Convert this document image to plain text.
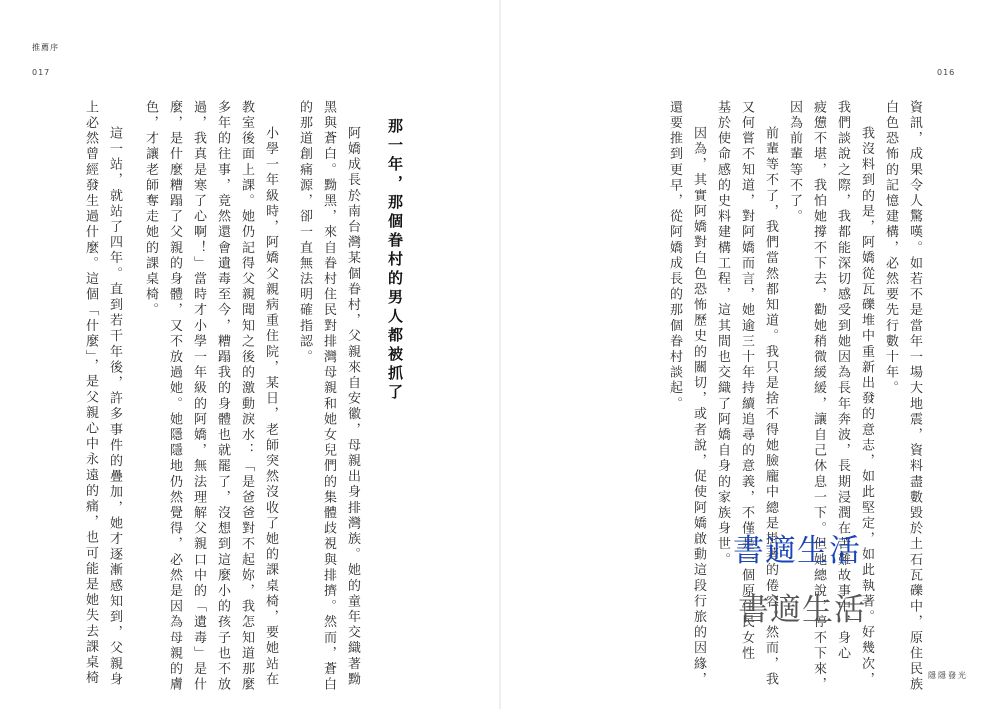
推薦序
017	016
資訊，成果令人驚嘆。如若不是當年一場大地震，資料盡數毀於土石瓦礫中，原住民族
白色恐怖的記憶建構，必然要先行數十年。
我沒料到的是，阿嬌從瓦礫堆中重新出發的意志，如此堅定，如此執著。好幾次，
我們談說之際，我都能深切感受到她因為長年奔波，長期浸潤在苦難故事中，身心
疲憊不堪，我怕她撐不下去，勸她稍微緩緩，讓自己休息一下。但她總說，停不下來，
因為前輩等不了。
前輩等不了，我們當然都知道。我只是捨不得她臉龐中總是掛著的倦容。然而，我
又何嘗不知道，對阿嬌而言，她逾三十年持續追尋的意義，不僅是一個原住民女性
基於使命感的史料建構工程，這其間也交織了阿嬌自身的家族身世。
因為，其實阿嬌對白色恐怖歷史的關切，或者說，促使阿嬌啟動這段行旅的因緣，
還要推到更早，從阿嬌成長的那個眷村談起。
那一年，那個眷村的男人都被抓了
阿嬌成長於南台灣某個眷村，父親來自安徽，母親出身排灣族。她的童年交織著黝
黑與蒼白。黝黑，來自眷村住民對排灣母親和她女兒們的集體歧視與排擠。然而，蒼白
的那道創痛源，卻一直無法明確指認。
小學一年級時，阿嬌父親病重住院，某日，老師突然沒收了她的課桌椅，要她站在
教室後面上課。她仍記得父親聞知之後的激動淚水：「是爸爸對不起妳，我怎知道那麼
多年的往事，竟然還會遺毒至今，糟蹋我的身體也就罷了，沒想到這麼小的孩子也不放
過，我真是寒了心啊！」當時才小學一年級的阿嬌，無法理解父親口中的「遺毒」是什
麼，是什麼糟蹋了父親的身體，又不放過她。她隱隱地仍然覺得，必然是因為母親的膚
色，才讓老師奪走她的課桌椅。
這一站，就站了四年。直到若干年後，許多事件的疊加，她才逐漸感知到，父親身
上必然曾經發生過什麼。這個「什麼」，是父親心中永遠的痛，也可能是她失去課桌椅	書適生活
書適生活
隱隱發光
